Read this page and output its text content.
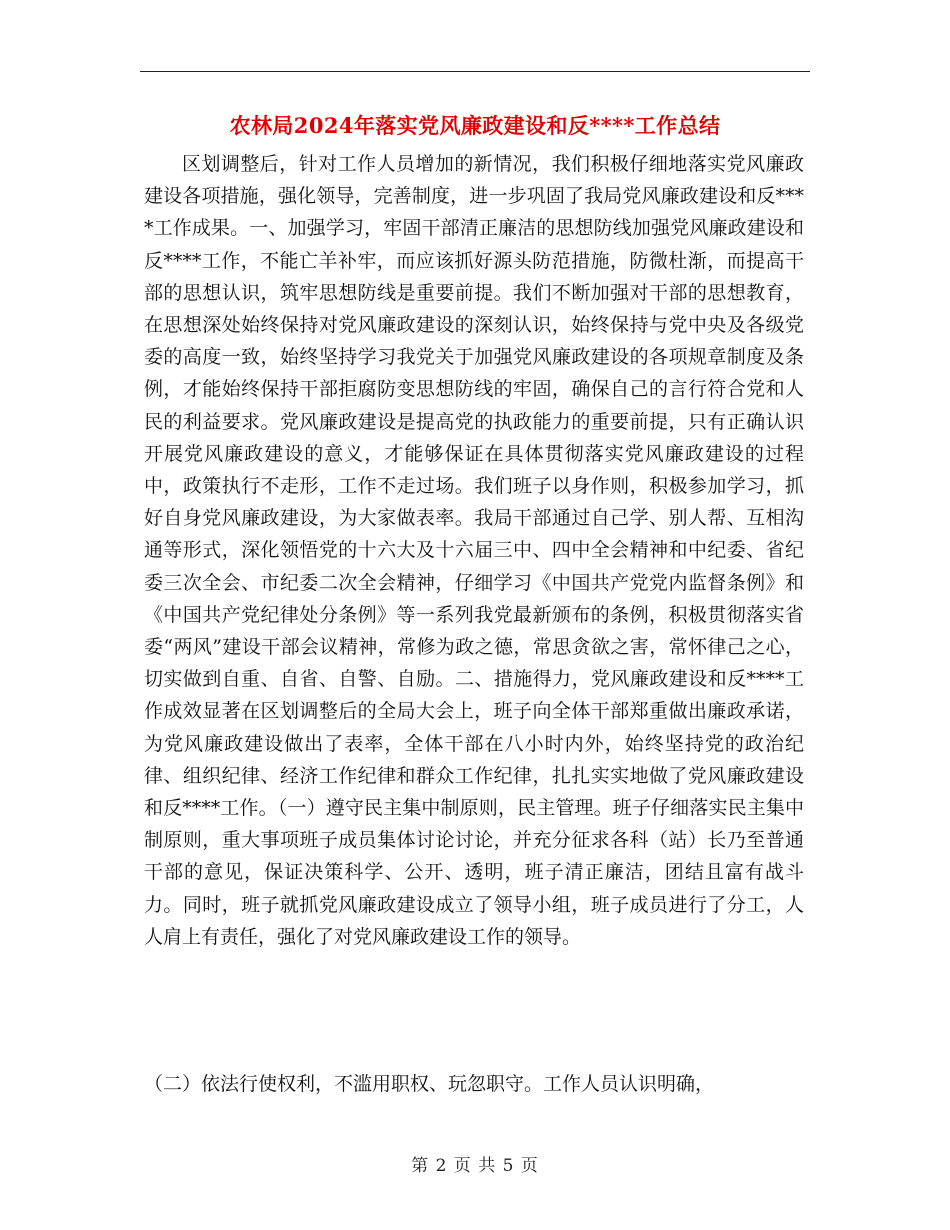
农林局2024年落实党风廉政建设和反****工作总结

区划调整后，针对工作人员增加的新情况，我们积极仔细地落实党风廉政建设各项措施，强化领导，完善制度，进一步巩固了我局党风廉政建设和反****工作成果。一、加强学习，牢固干部清正廉洁的思想防线加强党风廉政建设和反****工作，不能亡羊补牢，而应该抓好源头防范措施，防微杜渐，而提高干部的思想认识，筑牢思想防线是重要前提。我们不断加强对干部的思想教育，在思想深处始终保持对党风廉政建设的深刻认识，始终保持与党中央及各级党委的高度一致，始终坚持学习我党关于加强党风廉政建设的各项规章制度及条例，才能始终保持干部拒腐防变思想防线的牢固，确保自己的言行符合党和人民的利益要求。党风廉政建设是提高党的执政能力的重要前提，只有正确认识开展党风廉政建设的意义，才能够保证在具体贯彻落实党风廉政建设的过程中，政策执行不走形，工作不走过场。我们班子以身作则，积极参加学习，抓好自身党风廉政建设，为大家做表率。我局干部通过自己学、别人帮、互相沟通等形式，深化领悟党的十六大及十六届三中、四中全会精神和中纪委、省纪委三次全会、市纪委二次全会精神，仔细学习《中国共产党党内监督条例》和《中国共产党纪律处分条例》等一系列我党最新颁布的条例，积极贯彻落实省委“两风”建设干部会议精神，常修为政之德，常思贪欲之害，常怀律己之心，切实做到自重、自省、自警、自励。二、措施得力，党风廉政建设和反****工作成效显著在区划调整后的全局大会上，班子向全体干部郑重做出廉政承诺，为党风廉政建设做出了表率，全体干部在八小时内外，始终坚持党的政治纪律、组织纪律、经济工作纪律和群众工作纪律，扎扎实实地做了党风廉政建设和反****工作。（一）遵守民主集中制原则，民主管理。班子仔细落实民主集中制原则，重大事项班子成员集体讨论讨论，并充分征求各科（站）长乃至普通干部的意见，保证决策科学、公开、透明，班子清正廉洁，团结且富有战斗力。同时，班子就抓党风廉政建设成立了领导小组，班子成员进行了分工，人人肩上有责任，强化了对党风廉政建设工作的领导。

（二）依法行使权利，不滥用职权、玩忽职守。工作人员认识明确，

第 2 页 共 5 页
